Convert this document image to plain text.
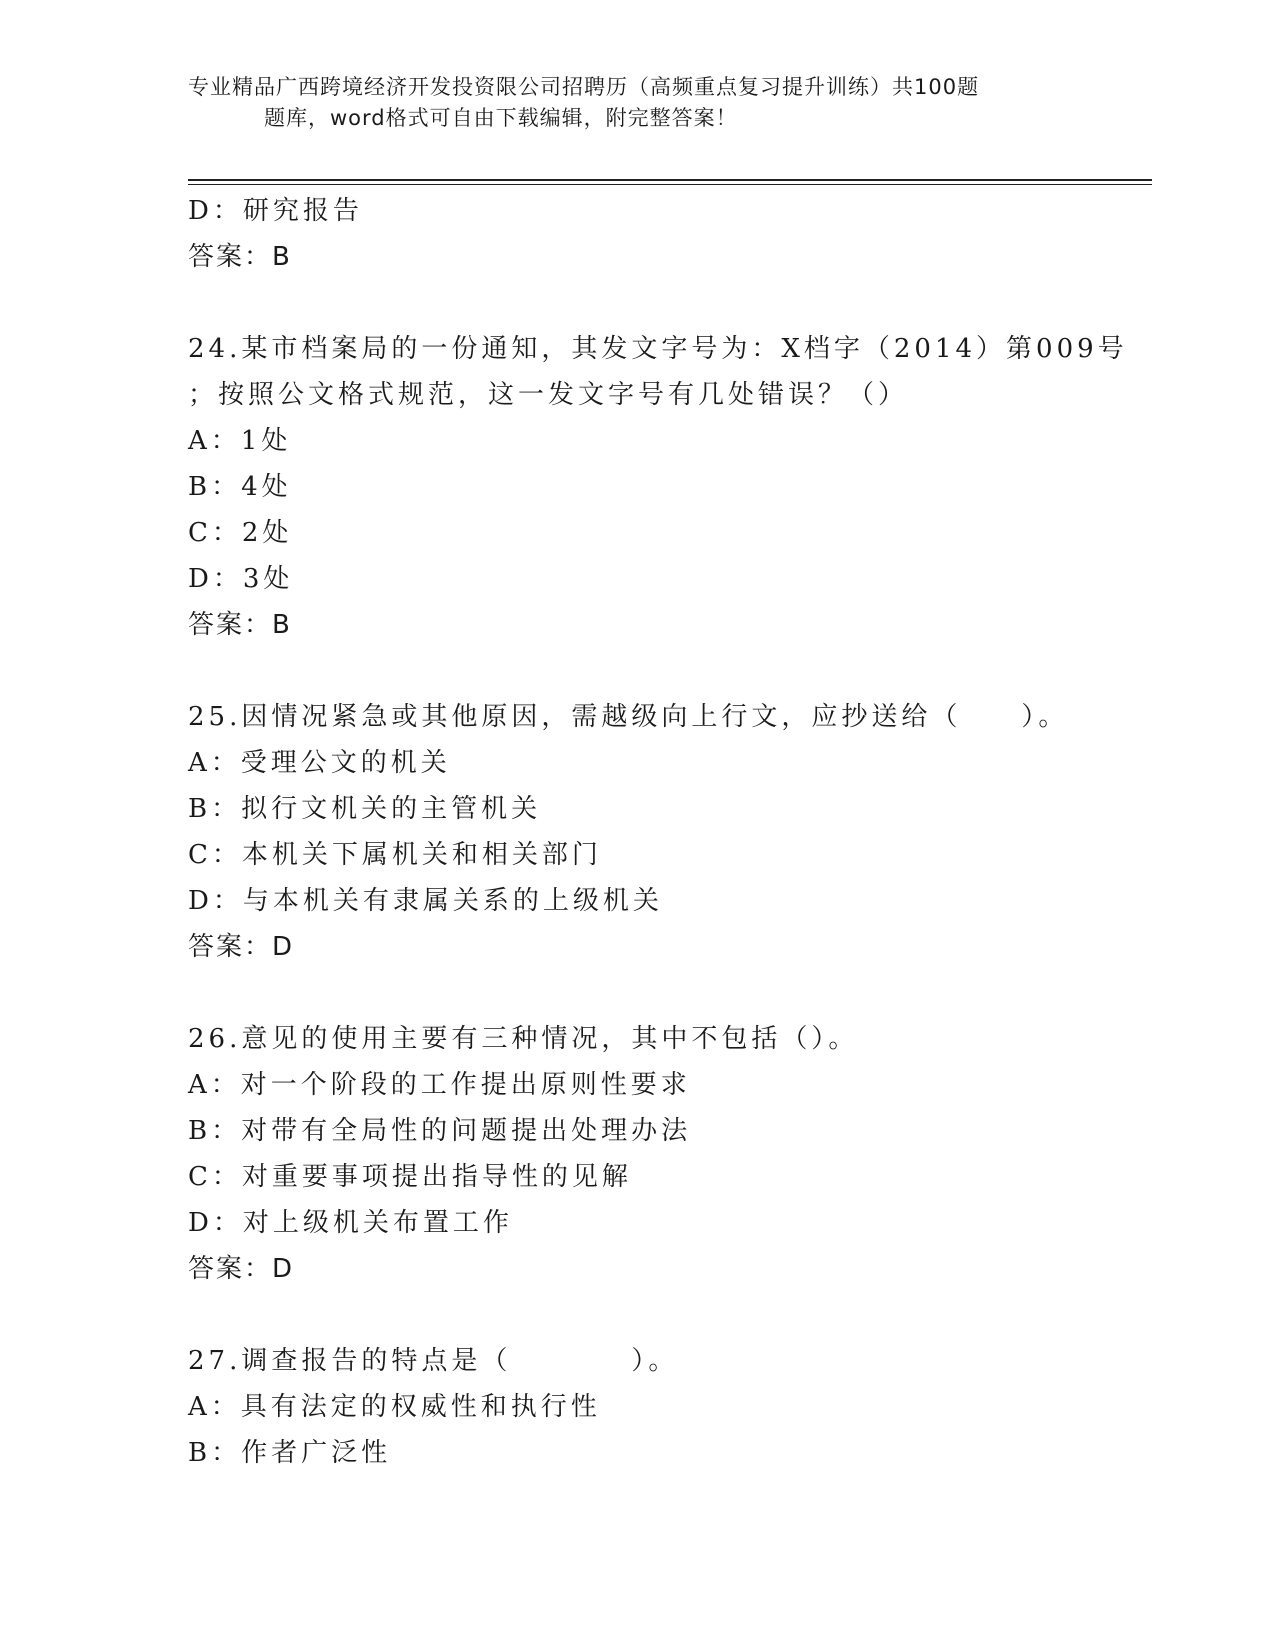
专业精品广西跨境经济开发投资限公司招聘历（高频重点复习提升训练）共100题
题库，word格式可自由下载编辑，附完整答案！
D：研究报告
答案：B
24.某市档案局的一份通知，其发文字号为：X档字（2014）第009号
；按照公文格式规范，这一发文字号有几处错误？（）
A：1处
B：4处
C：2处
D：3处
答案：B
25.因情况紧急或其他原因，需越级向上行文，应抄送给（　　）。
A：受理公文的机关
B：拟行文机关的主管机关
C：本机关下属机关和相关部门
D：与本机关有隶属关系的上级机关
答案：D
26.意见的使用主要有三种情况，其中不包括（）。
A：对一个阶段的工作提出原则性要求
B：对带有全局性的问题提出处理办法
C：对重要事项提出指导性的见解
D：对上级机关布置工作
答案：D
27.调查报告的特点是（　　　　）。
A：具有法定的权威性和执行性
B：作者广泛性
